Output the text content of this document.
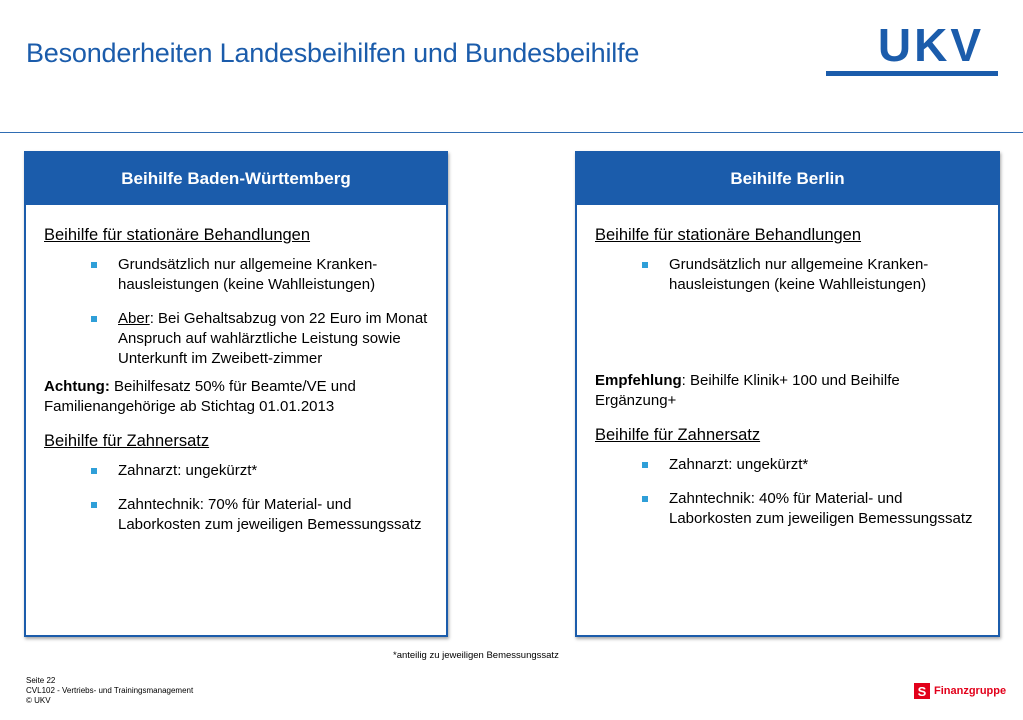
Besonderheiten Landesbeihilfen und Bundesbeihilfe	UKV
Beihilfe Baden-Württemberg
Beihilfe für stationäre Behandlungen
Grundsätzlich nur allgemeine Kranken-hausleistungen (keine Wahlleistungen)
Aber: Bei Gehaltsabzug von 22 Euro im Monat Anspruch auf wahlärztliche Leistung sowie Unterkunft im Zweibett-zimmer
Achtung: Beihilfesatz 50% für Beamte/VE und Familienangehörige ab Stichtag 01.01.2013
Beihilfe für Zahnersatz
Zahnarzt: ungekürzt*
Zahntechnik: 70% für Material- und Laborkosten zum jeweiligen Bemessungssatz
Beihilfe Berlin
Beihilfe für stationäre Behandlungen
Grundsätzlich nur allgemeine Kranken-hausleistungen (keine Wahlleistungen)
Empfehlung: Beihilfe Klinik+ 100 und Beihilfe Ergänzung+
Beihilfe für Zahnersatz
Zahnarzt: ungekürzt*
Zahntechnik: 40% für Material- und Laborkosten zum jeweiligen Bemessungssatz
*anteilig zu jeweiligen Bemessungssatz
Seite 22
CVL102 - Vertriebs- und Trainingsmanagement
© UKV
S Finanzgruppe
